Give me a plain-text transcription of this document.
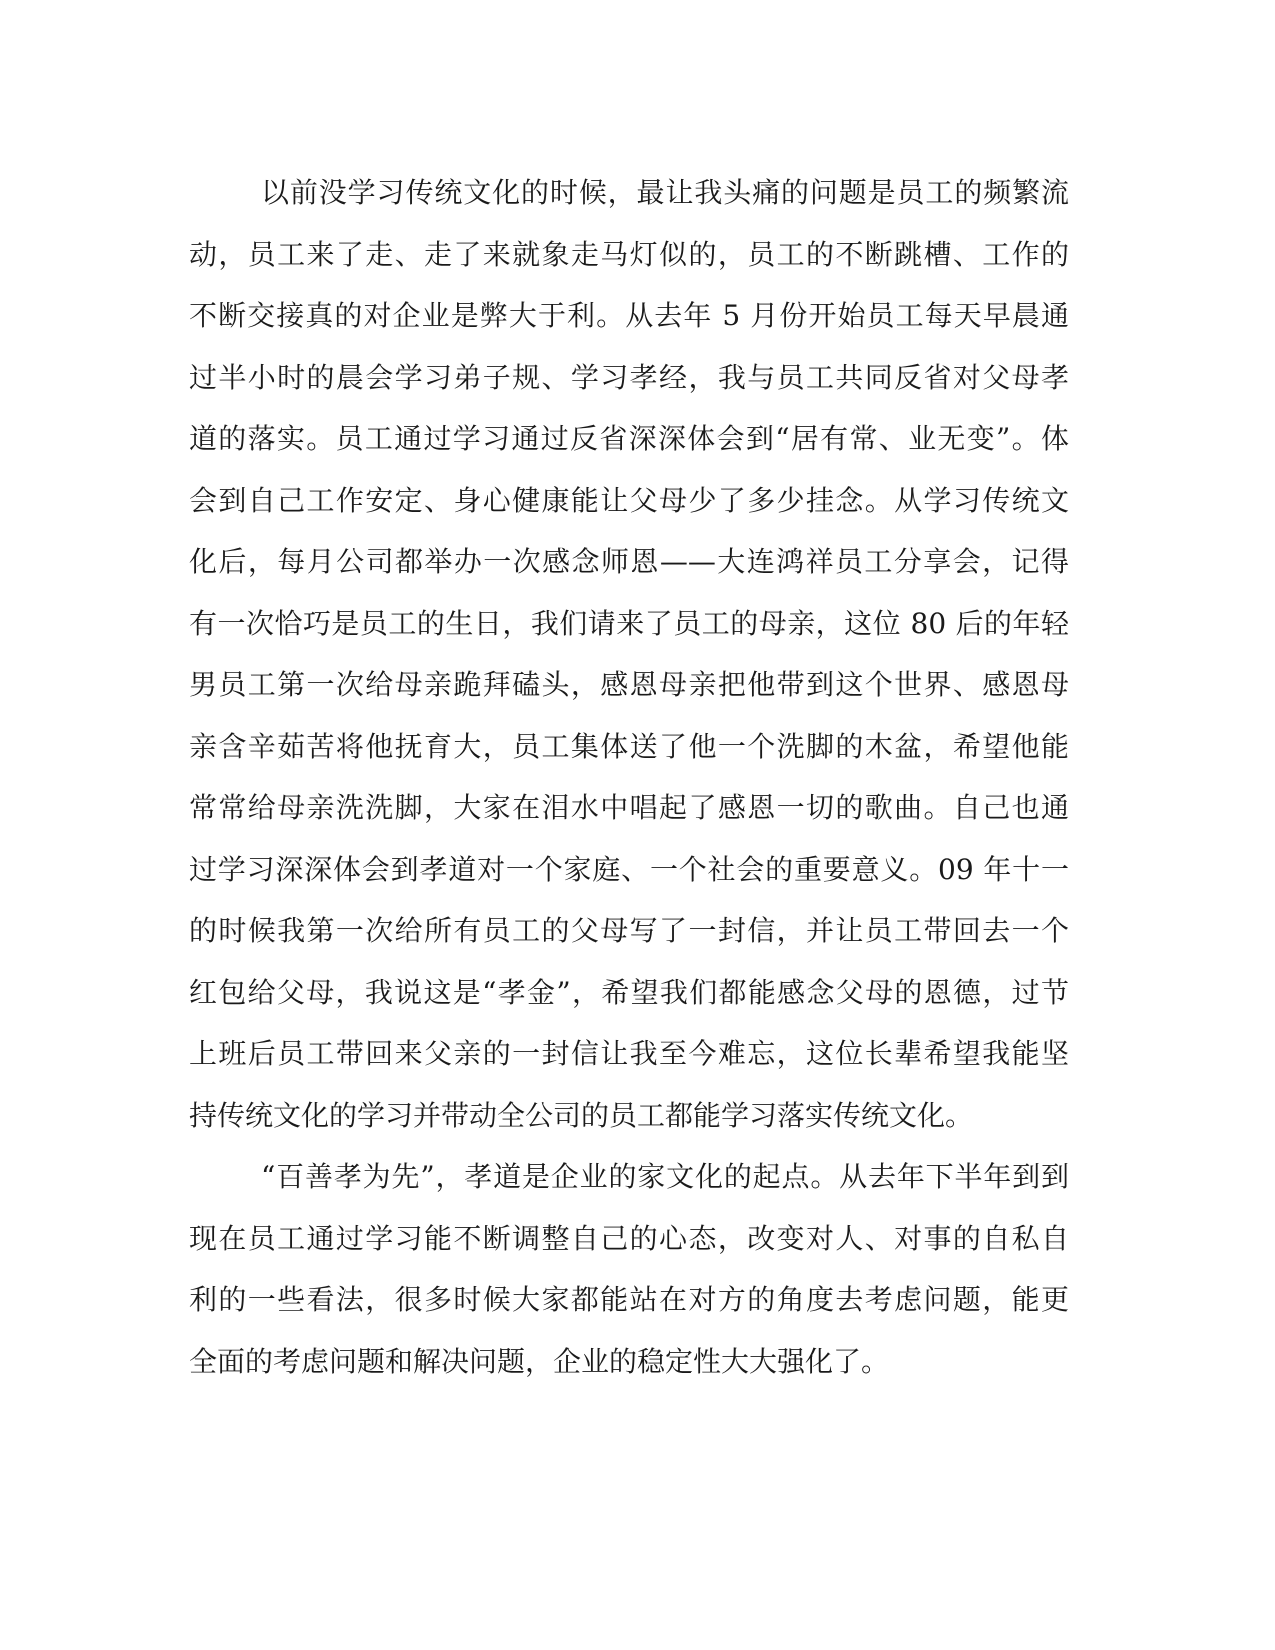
以前没学习传统文化的时候，最让我头痛的问题是员工的频繁流
动，员工来了走、走了来就象走马灯似的，员工的不断跳槽、工作的
不断交接真的对企业是弊大于利。从去年 5 月份开始员工每天早晨通
过半小时的晨会学习弟子规、学习孝经，我与员工共同反省对父母孝
道的落实。员工通过学习通过反省深深体会到“居有常、业无变”。体
会到自己工作安定、身心健康能让父母少了多少挂念。从学习传统文
化后，每月公司都举办一次感念师恩——大连鸿祥员工分享会，记得
有一次恰巧是员工的生日，我们请来了员工的母亲，这位 80 后的年轻
男员工第一次给母亲跪拜磕头，感恩母亲把他带到这个世界、感恩母
亲含辛茹苦将他抚育大，员工集体送了他一个洗脚的木盆，希望他能
常常给母亲洗洗脚，大家在泪水中唱起了感恩一切的歌曲。自己也通
过学习深深体会到孝道对一个家庭、一个社会的重要意义。09 年十一
的时候我第一次给所有员工的父母写了一封信，并让员工带回去一个
红包给父母，我说这是“孝金”，希望我们都能感念父母的恩德，过节
上班后员工带回来父亲的一封信让我至今难忘，这位长辈希望我能坚
持传统文化的学习并带动全公司的员工都能学习落实传统文化。
“百善孝为先”，孝道是企业的家文化的起点。从去年下半年到到
现在员工通过学习能不断调整自己的心态，改变对人、对事的自私自
利的一些看法，很多时候大家都能站在对方的角度去考虑问题，能更
全面的考虑问题和解决问题，企业的稳定性大大强化了。
